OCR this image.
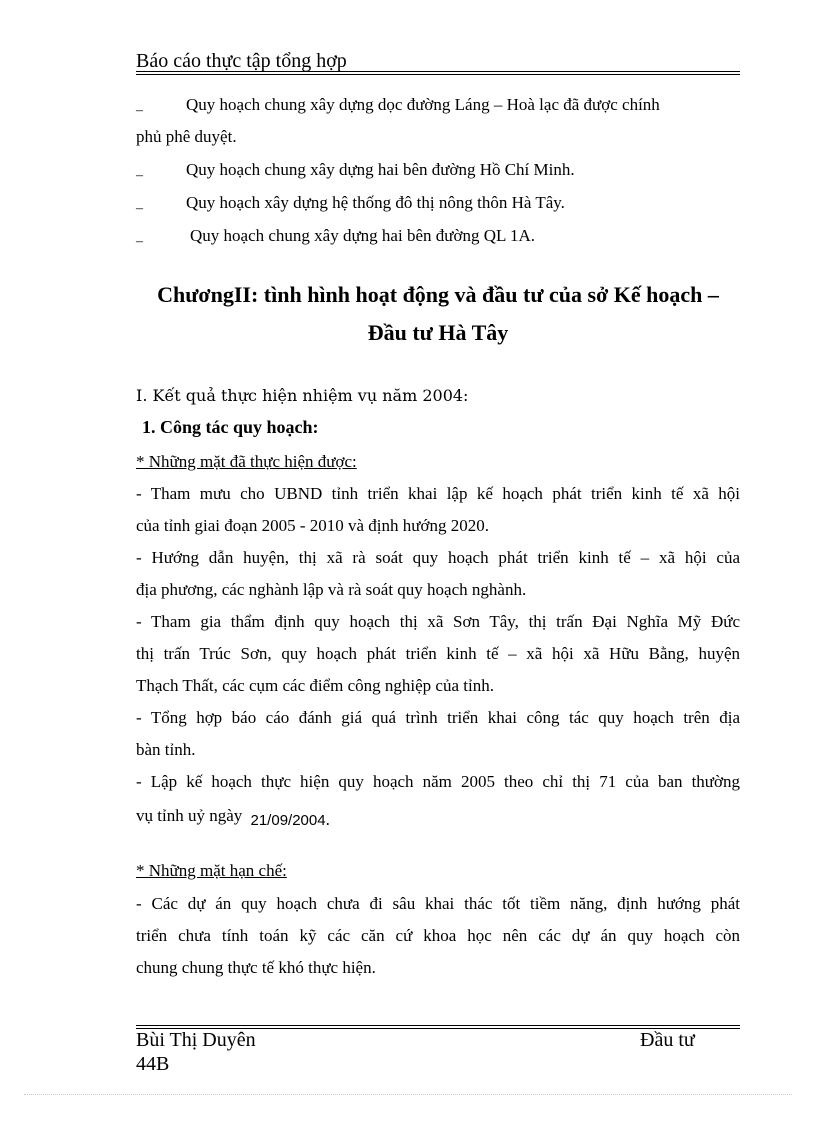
Báo cáo thực tập tổng hợp
–	Quy hoạch chung xây dựng dọc đường Láng – Hoà lạc đã được chính
phủ phê duyệt.
–	Quy hoạch chung xây dựng hai bên đường Hồ Chí Minh.
–	Quy hoạch xây dựng hệ thống đô thị nông thôn Hà Tây.
–	Quy hoạch chung xây dựng hai bên đường QL 1A.
ChươngII: tình hình hoạt động và đầu tư của sở Kế hoạch –
Đầu tư Hà Tây
I. Kết quả thực hiện nhiệm vụ năm 2004:
1. Công tác quy hoạch:
* Những mặt đã thực hiện được:
- Tham mưu cho UBND tỉnh triển khai lập kế hoạch phát triển kinh tế xã hội
của tỉnh giai đoạn 2005 - 2010 và định hướng 2020.
- Hướng dẫn huyện, thị xã rà soát quy hoạch phát triển kinh tế – xã hội của
địa phương, các nghành lập và rà soát quy hoạch nghành.
- Tham gia thẩm định quy hoạch thị xã Sơn Tây, thị trấn Đại Nghĩa Mỹ Đức
thị trấn Trúc Sơn, quy hoạch phát triển kinh tế – xã hội xã Hữu Bằng, huyện
Thạch Thất, các cụm các điểm công nghiệp của tỉnh.
- Tổng hợp báo cáo đánh giá quá trình triển khai công tác quy hoạch trên địa
bàn tỉnh.
- Lập kế hoạch thực hiện quy hoạch năm 2005 theo chỉ thị 71 của ban thường
vụ tỉnh uỷ ngày 21/09/2004.
* Những mặt hạn chế:
- Các dự án quy hoạch chưa đi sâu khai thác tốt tiềm năng, định hướng phát
triển chưa tính toán kỹ các căn cứ khoa học nên các dự án quy hoạch còn
chung chung thực tế khó thực hiện.
Bùi Thị Duyên	Đầu tư
44B
